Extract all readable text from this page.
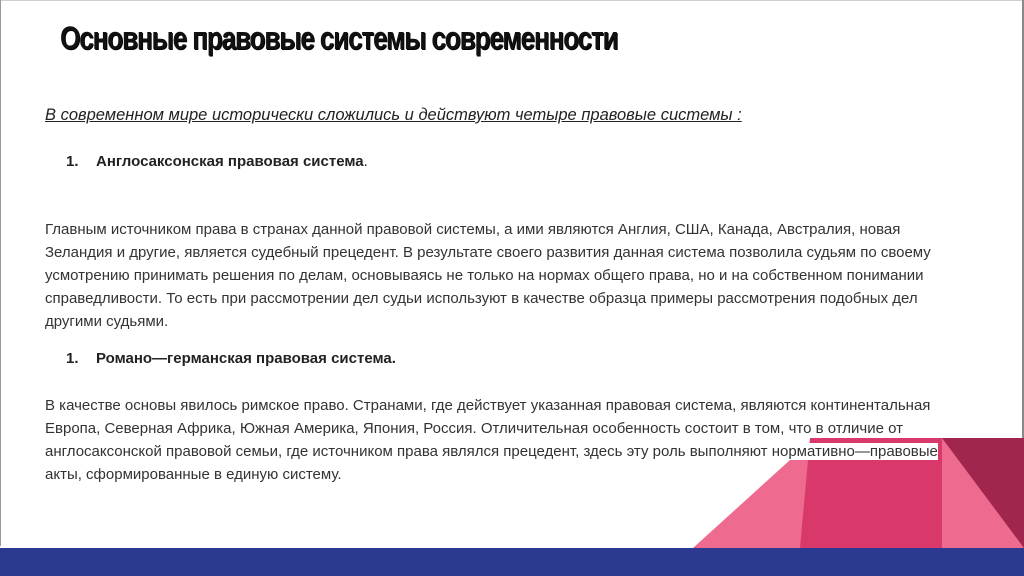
Основные правовые системы современности

В современном мире исторически сложились и действуют четыре правовые системы :

1. Англосаксонская правовая система.

Главным источником права в странах данной правовой системы, а ими являются Англия, США, Канада, Австралия, новая Зеландия и другие, является судебный прецедент. В результате своего развития данная система позволила судьям по своему усмотрению принимать решения по делам, основываясь не только на нормах общего права, но и на собственном понимании справедливости. То есть при рассмотрении дел судьи используют в качестве образца примеры рассмотрения подобных дел другими судьями.

1. Романо—германская правовая система.

В качестве основы явилось римское право. Странами, где действует указанная правовая система, являются континентальная Европа, Северная Африка, Южная Америка, Япония, Россия. Отличительная особенность состоит в том, что в отличие от англосаксонской правовой семьи, где источником права являлся прецедент, здесь эту роль выполняют нормативно—правовые акты, сформированные в единую систему.
